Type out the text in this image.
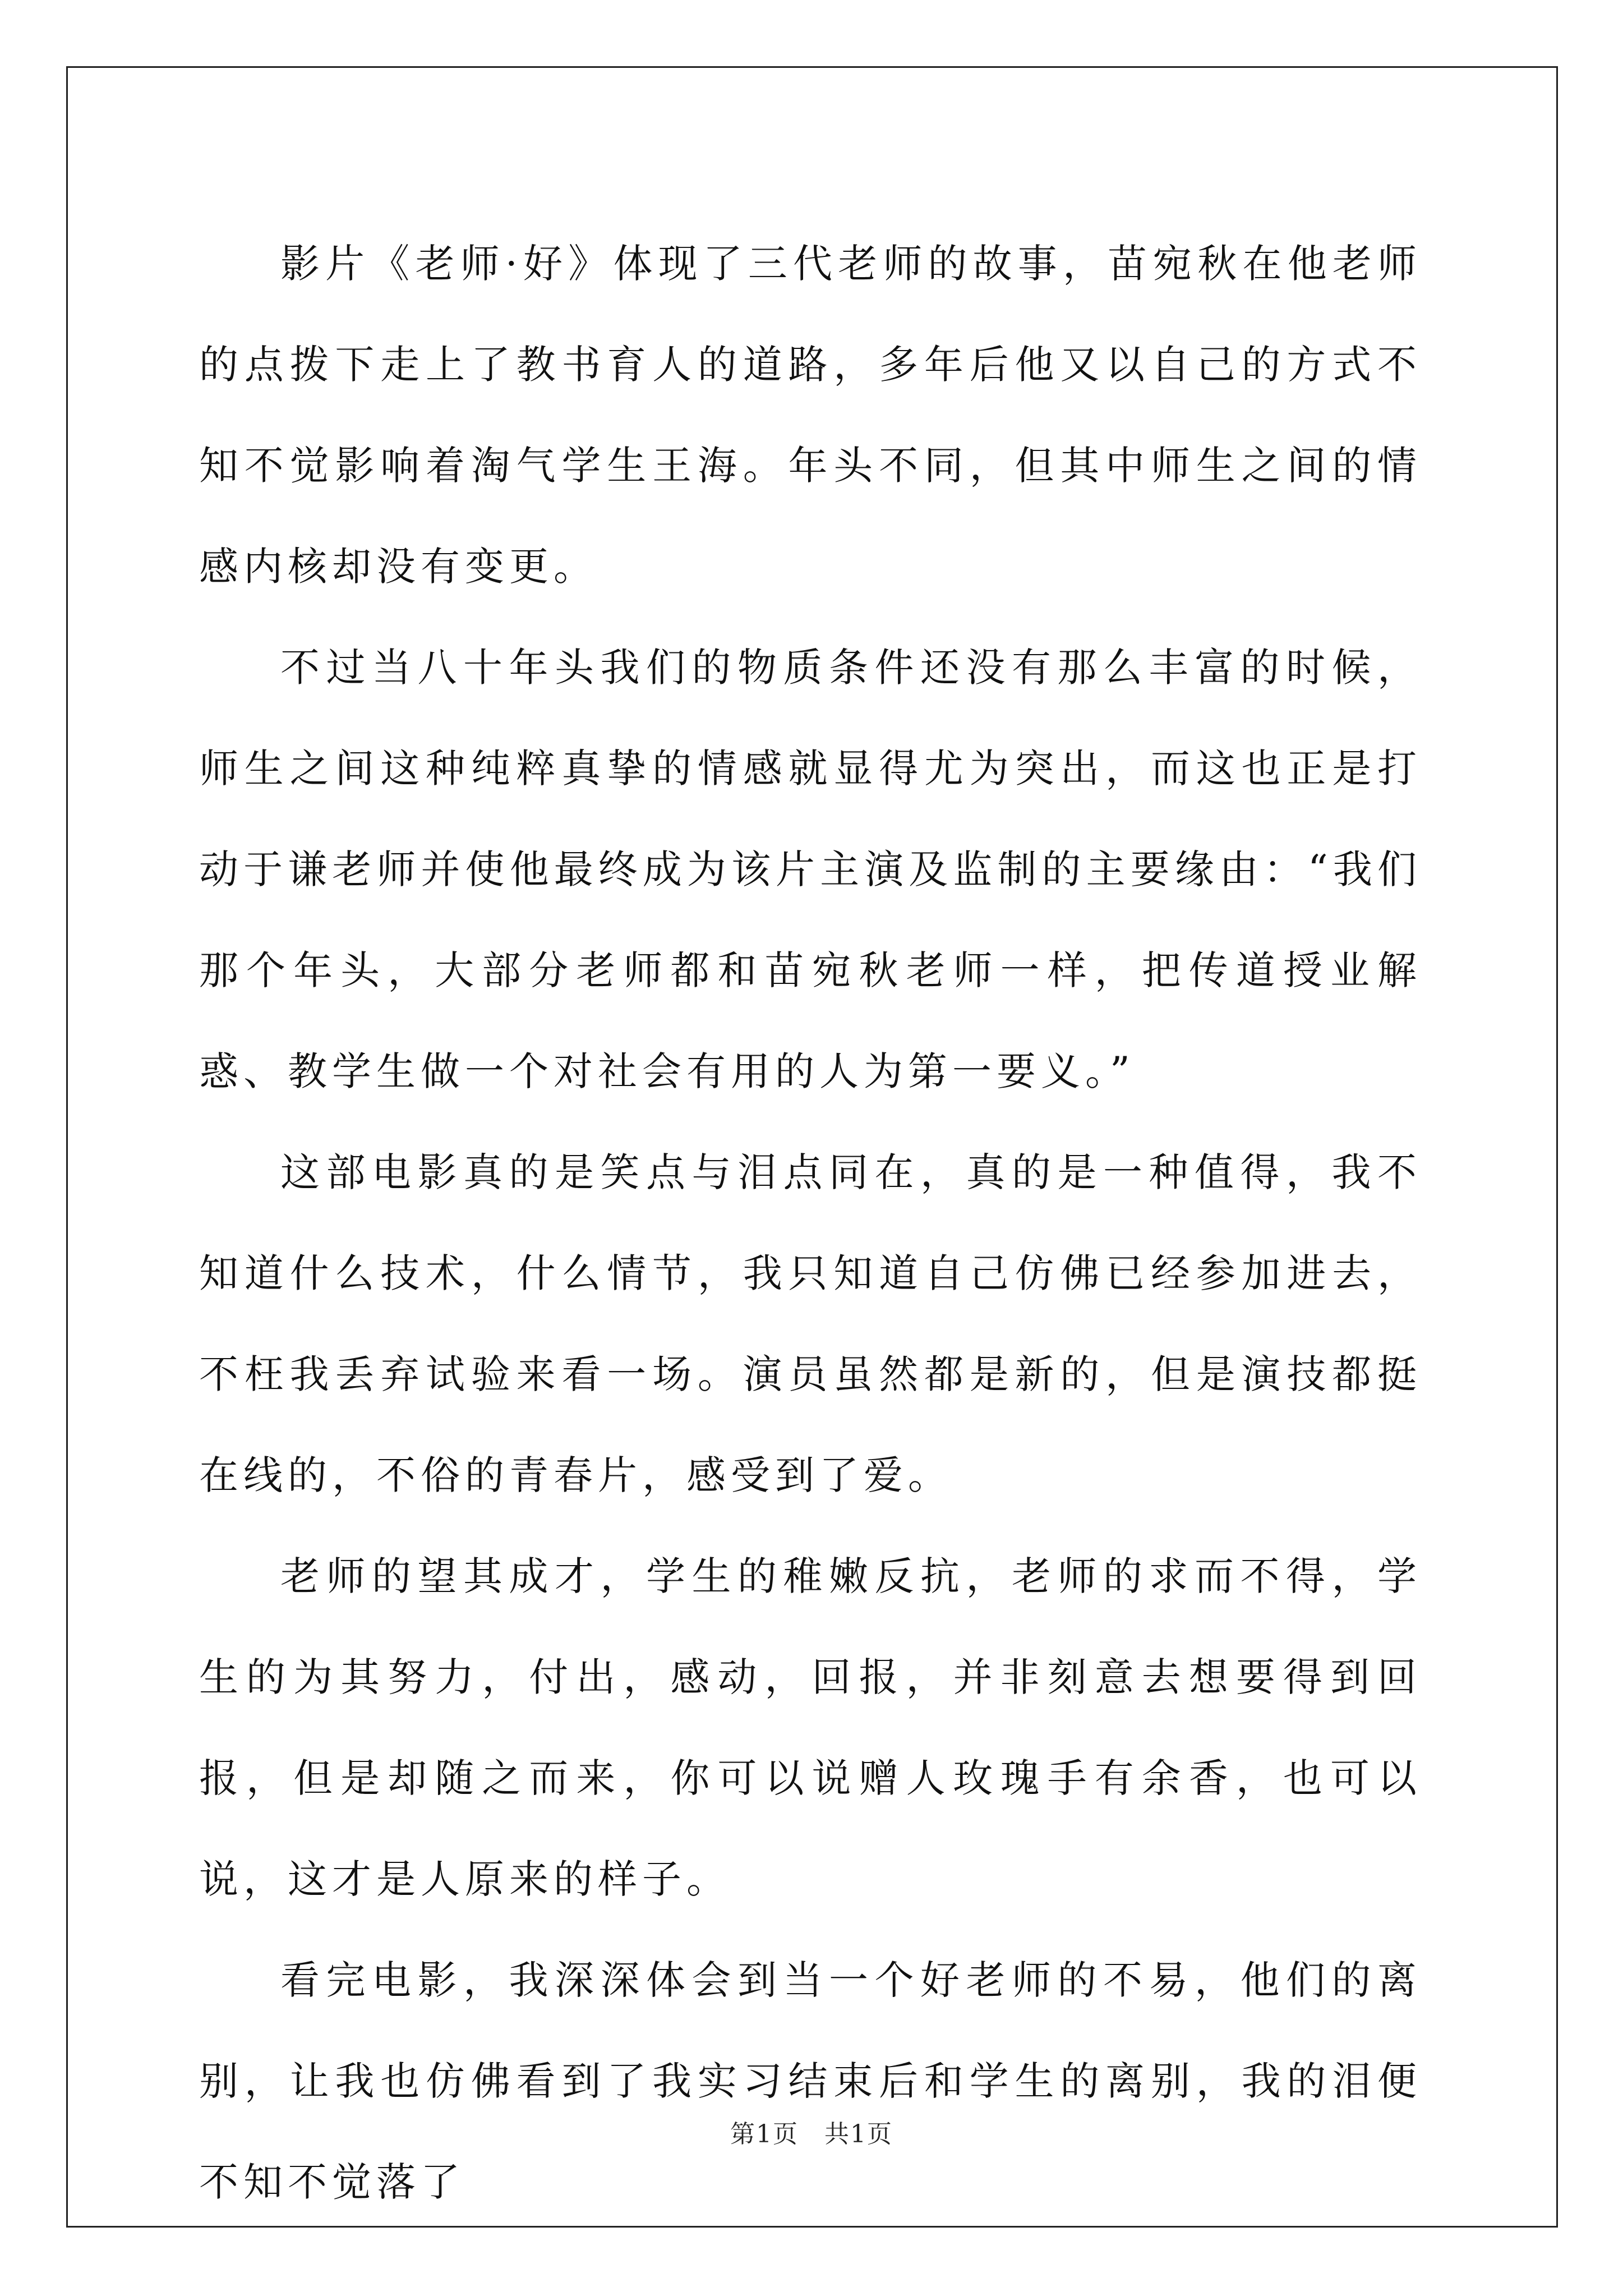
影片《老师·好》体现了三代老师的故事，苗宛秋在他老师的点拨下走上了教书育人的道路，多年后他又以自己的方式不知不觉影响着淘气学生王海。年头不同，但其中师生之间的情感内核却没有变更。

不过当八十年头我们的物质条件还没有那么丰富的时候，师生之间这种纯粹真挚的情感就显得尤为突出，而这也正是打动于谦老师并使他最终成为该片主演及监制的主要缘由：“我们那个年头，大部分老师都和苗宛秋老师一样，把传道授业解惑、教学生做一个对社会有用的人为第一要义。”

这部电影真的是笑点与泪点同在，真的是一种值得，我不知道什么技术，什么情节，我只知道自己仿佛已经参加进去，不枉我丢弃试验来看一场。演员虽然都是新的，但是演技都挺在线的，不俗的青春片，感受到了爱。

老师的望其成才，学生的稚嫩反抗，老师的求而不得，学生的为其努力，付出，感动，回报，并非刻意去想要得到回报，但是却随之而来，你可以说赠人玫瑰手有余香，也可以说，这才是人原来的样子。

看完电影，我深深体会到当一个好老师的不易，他们的离别，让我也仿佛看到了我实习结束后和学生的离别，我的泪便不知不觉落了

第1页　共1页
